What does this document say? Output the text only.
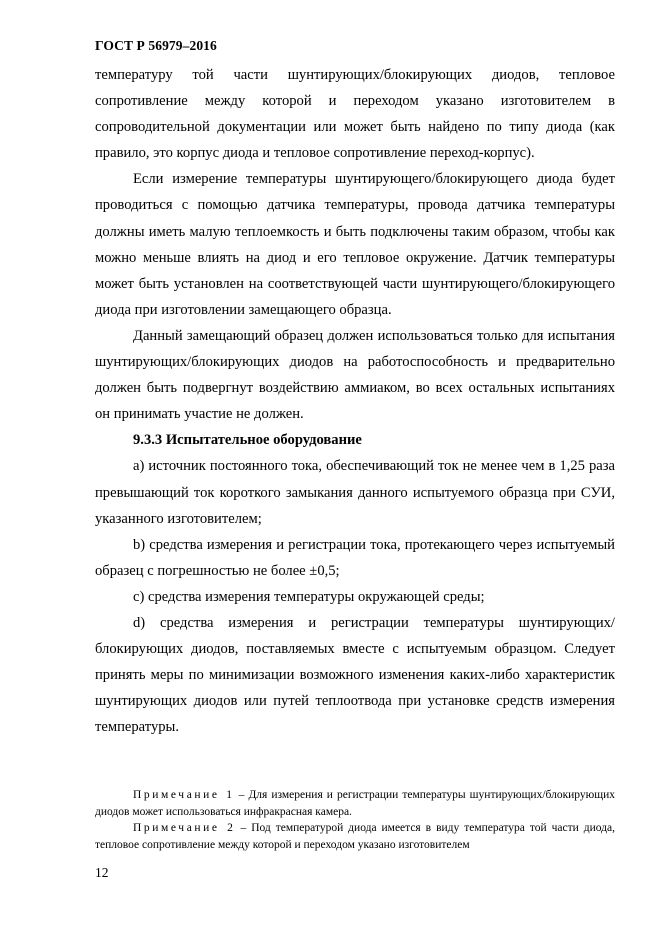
ГОСТ Р 56979–2016

температуру той части шунтирующих/блокирующих диодов, тепловое сопротивление между которой и переходом указано изготовителем в сопроводительной документации или может быть найдено по типу диода (как правило, это корпус диода и тепловое сопротивление переход-корпус).

Если измерение температуры шунтирующего/блокирующего диода будет проводиться с помощью датчика температуры, провода датчика температуры должны иметь малую теплоемкость и быть подключены таким образом, чтобы как можно меньше влиять на диод и его тепловое окружение. Датчик температуры может быть установлен на соответствующей части шунтирующего/блокирующего диода при изготовлении замещающего образца.

Данный замещающий образец должен использоваться только для испытания шунтирующих/блокирующих диодов на работоспособность и предварительно должен быть подвергнут воздействию аммиаком, во всех остальных испытаниях он принимать участие не должен.

9.3.3 Испытательное оборудование

а) источник постоянного тока, обеспечивающий ток не менее чем в 1,25 раза превышающий ток короткого замыкания данного испытуемого образца при СУИ, указанного изготовителем;

b) средства измерения и регистрации тока, протекающего через испытуемый образец с погрешностью не более ±0,5;

с) средства измерения температуры окружающей среды;

d) средства измерения и регистрации температуры шунтирующих/блокирующих диодов, поставляемых вместе с испытуемым образцом. Следует принять меры по минимизации возможного изменения каких-либо характеристик шунтирующих диодов или путей теплоотвода при установке средств измерения температуры.

Примечание 1 – Для измерения и регистрации температуры шунтирующих/блокирующих диодов может использоваться инфракрасная камера.

Примечание 2 – Под температурой диода имеется в виду температура той части диода, тепловое сопротивление между которой и переходом указано изготовителем

12
